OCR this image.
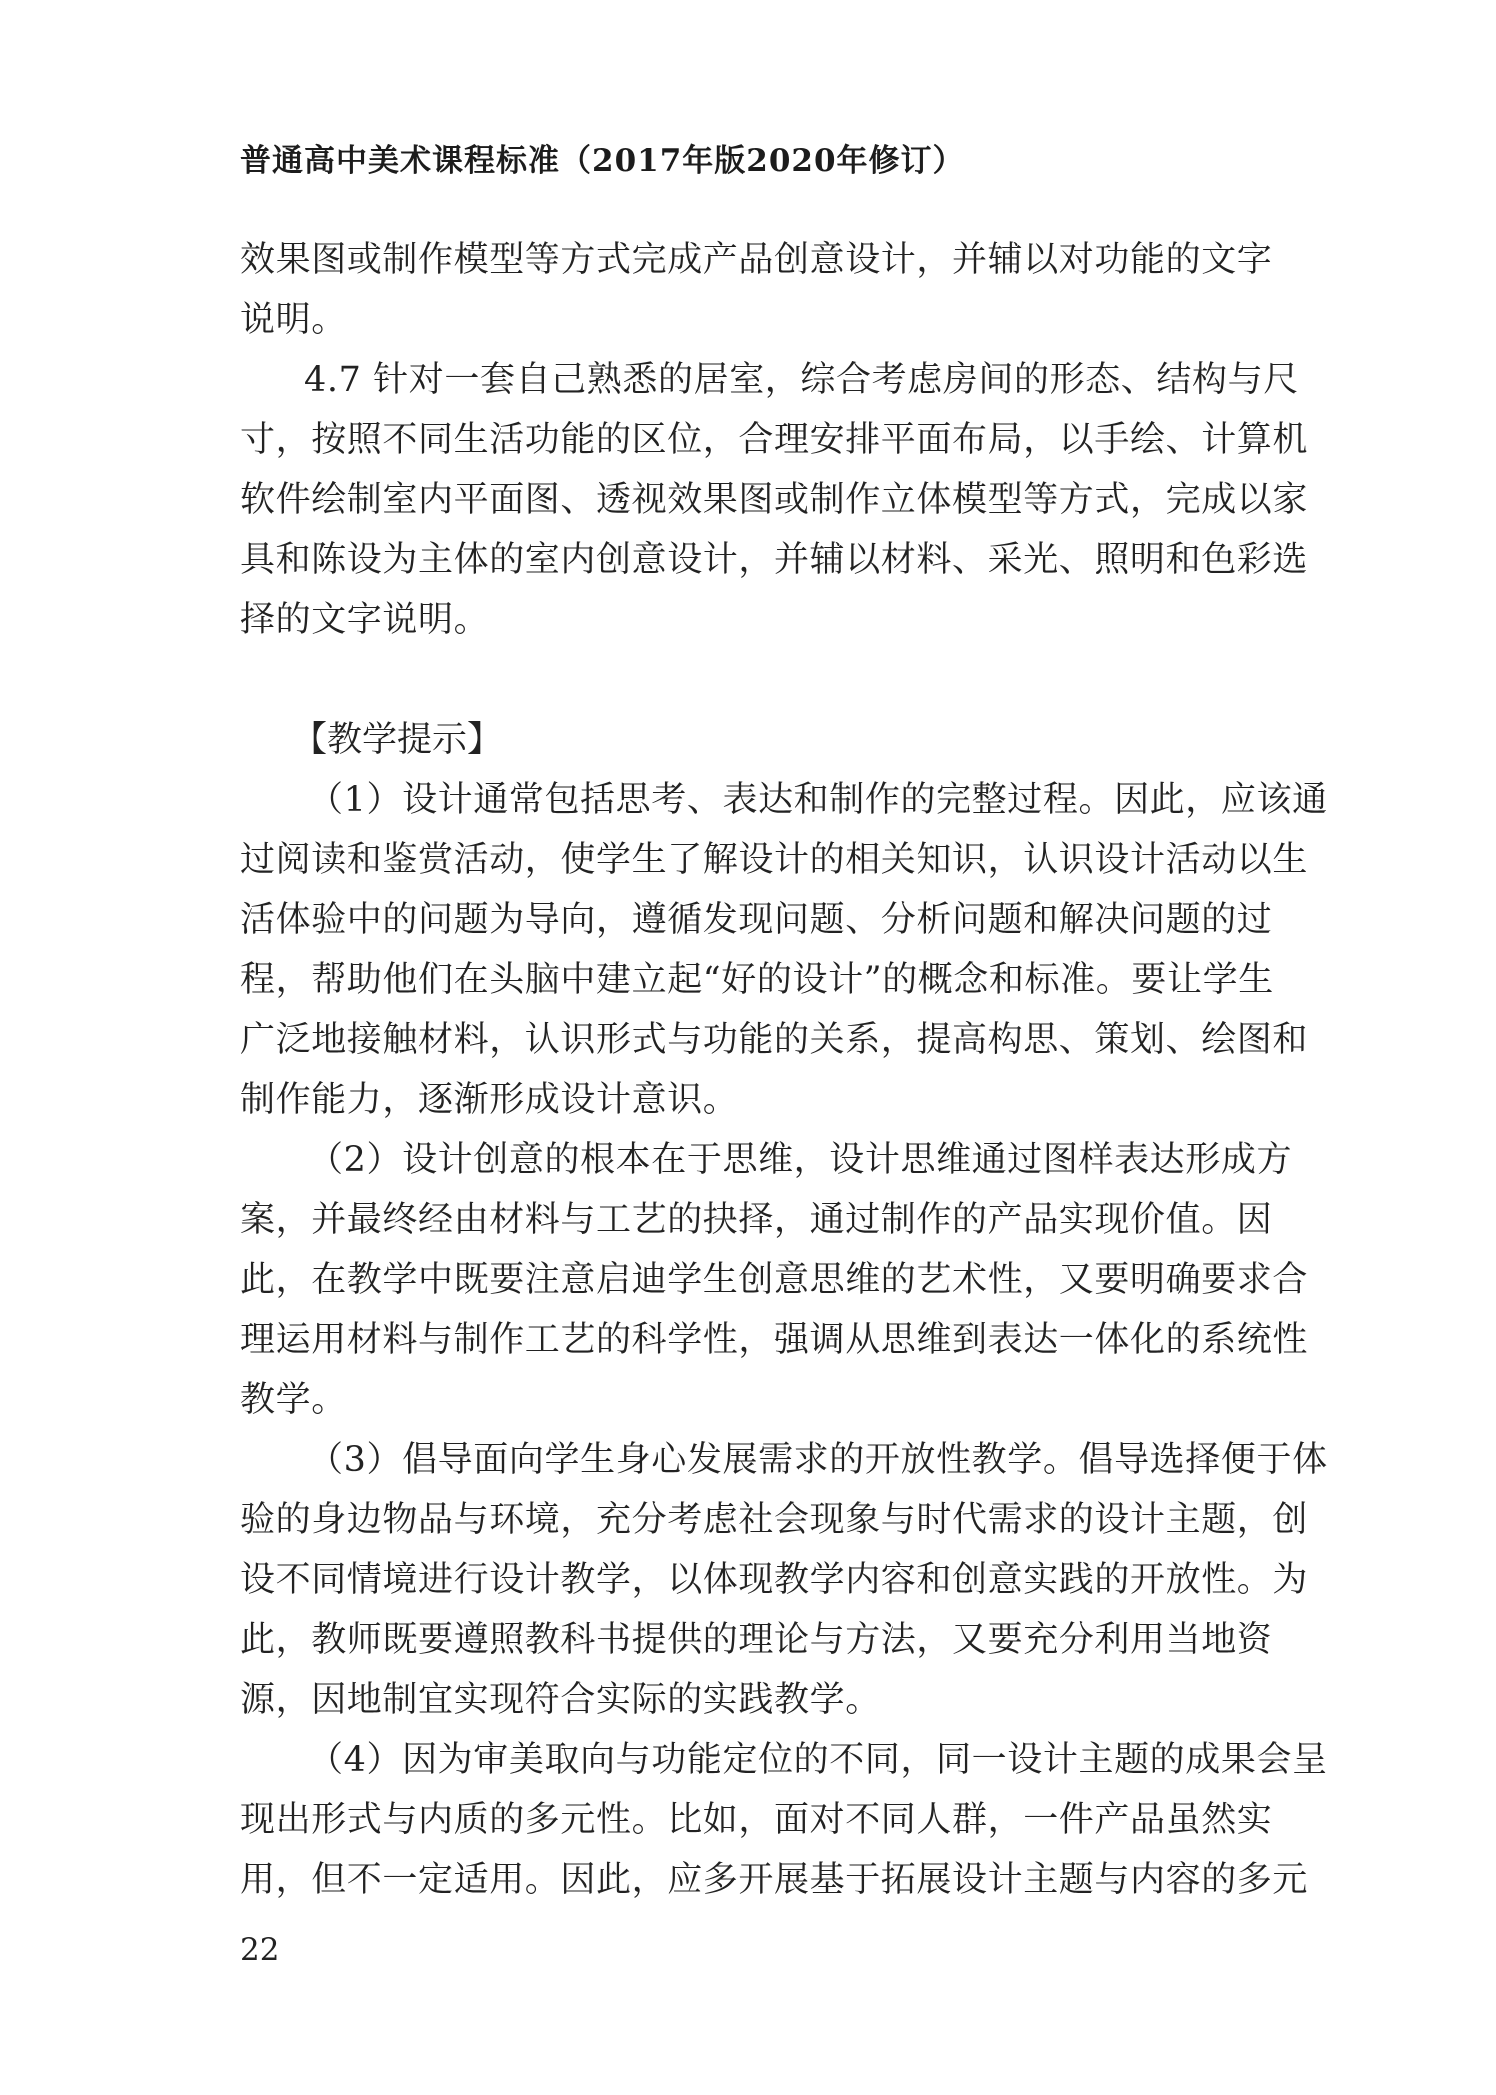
普通高中美术课程标准（2017年版2020年修订）
效果图或制作模型等方式完成产品创意设计，并辅以对功能的文字
说明。
4.7 针对一套自己熟悉的居室，综合考虑房间的形态、结构与尺
寸，按照不同生活功能的区位，合理安排平面布局，以手绘、计算机
软件绘制室内平面图、透视效果图或制作立体模型等方式，完成以家
具和陈设为主体的室内创意设计，并辅以材料、采光、照明和色彩选
择的文字说明。
【教学提示】
（1）设计通常包括思考、表达和制作的完整过程。因此，应该通
过阅读和鉴赏活动，使学生了解设计的相关知识，认识设计活动以生
活体验中的问题为导向，遵循发现问题、分析问题和解决问题的过
程，帮助他们在头脑中建立起“好的设计”的概念和标准。要让学生
广泛地接触材料，认识形式与功能的关系，提高构思、策划、绘图和
制作能力，逐渐形成设计意识。
（2）设计创意的根本在于思维，设计思维通过图样表达形成方
案，并最终经由材料与工艺的抉择，通过制作的产品实现价值。因
此，在教学中既要注意启迪学生创意思维的艺术性，又要明确要求合
理运用材料与制作工艺的科学性，强调从思维到表达一体化的系统性
教学。
（3）倡导面向学生身心发展需求的开放性教学。倡导选择便于体
验的身边物品与环境，充分考虑社会现象与时代需求的设计主题，创
设不同情境进行设计教学，以体现教学内容和创意实践的开放性。为
此，教师既要遵照教科书提供的理论与方法，又要充分利用当地资
源，因地制宜实现符合实际的实践教学。
（4）因为审美取向与功能定位的不同，同一设计主题的成果会呈
现出形式与内质的多元性。比如，面对不同人群，一件产品虽然实
用，但不一定适用。因此，应多开展基于拓展设计主题与内容的多元
22
